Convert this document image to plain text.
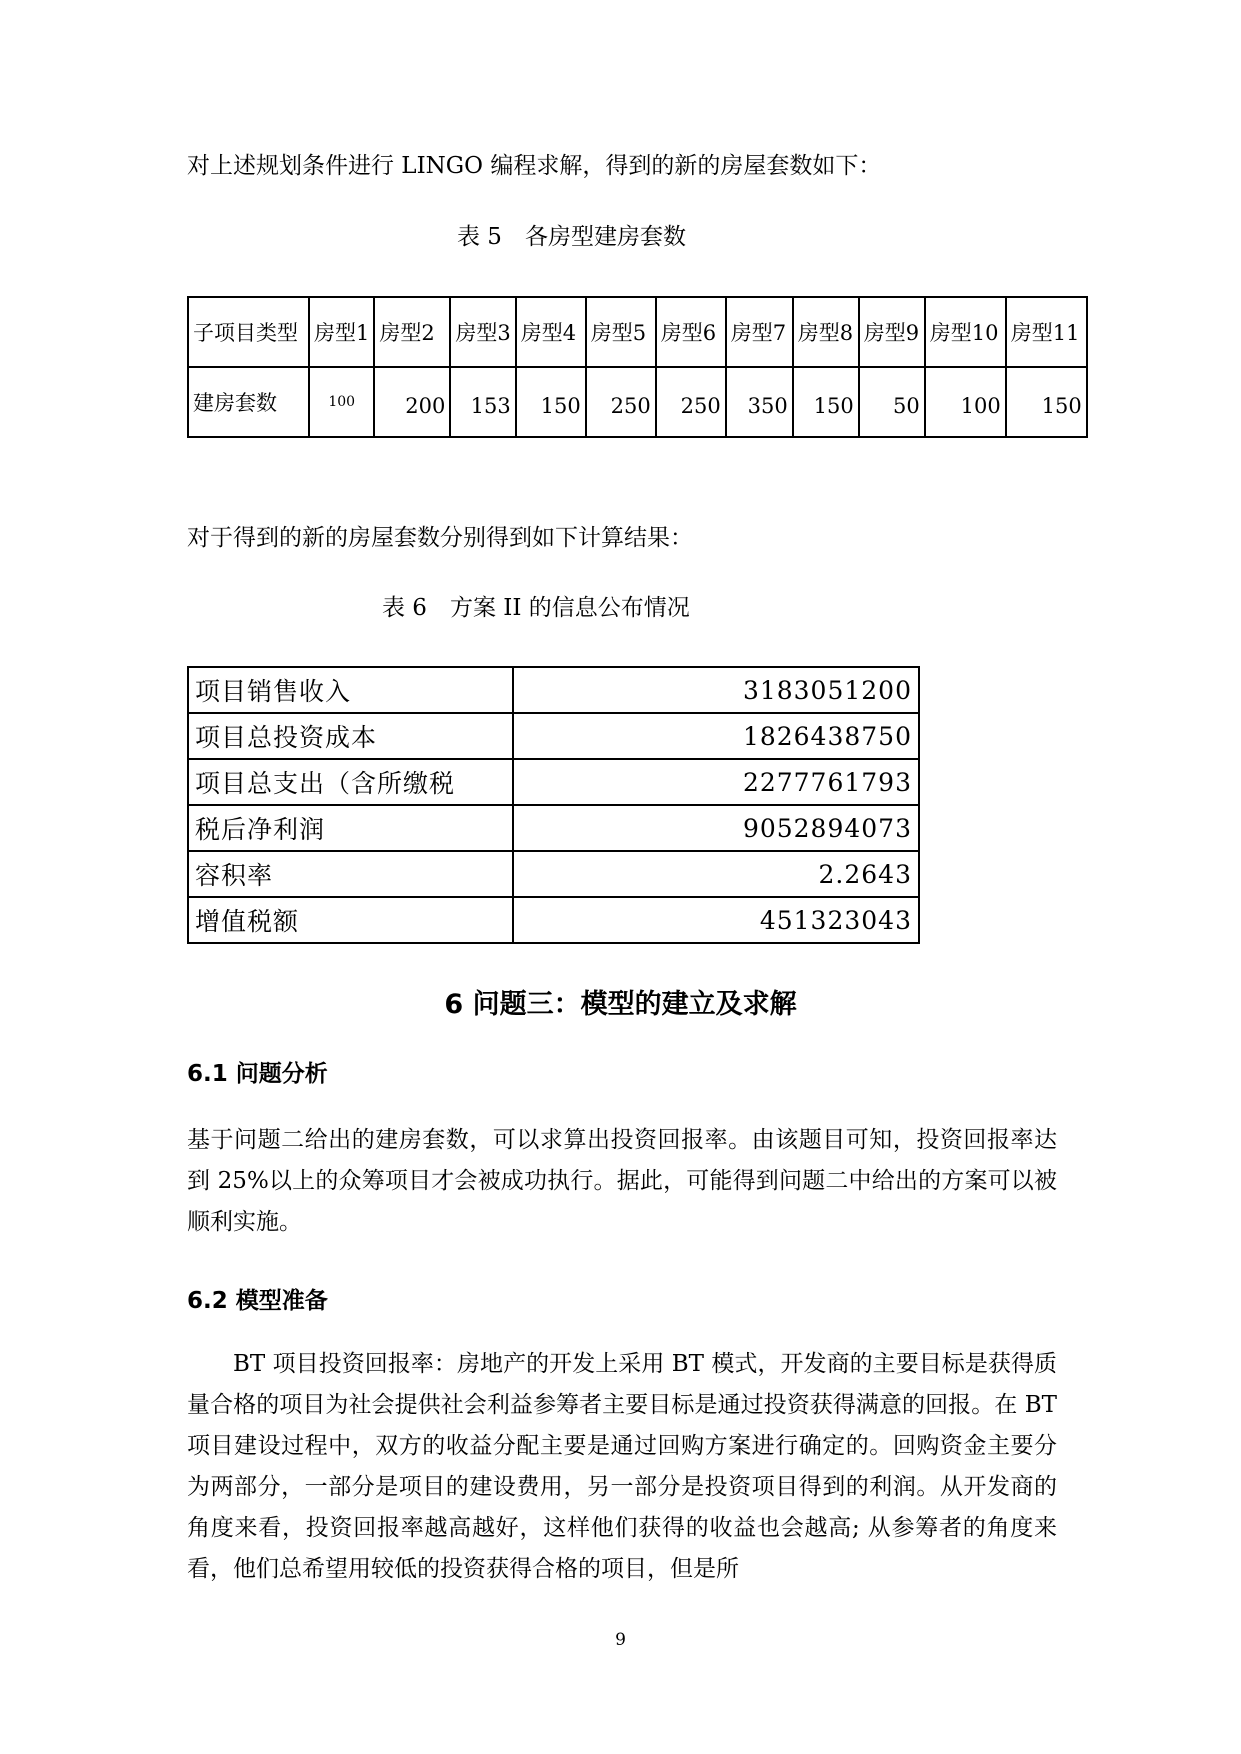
对上述规划条件进行 LINGO 编程求解，得到的新的房屋套数如下：

表 5　各房型建房套数

子项目类型	房型1	房型2	房型3	房型4	房型5	房型6	房型7	房型8	房型9	房型10	房型11
建房套数	100	200	153	150	250	250	350	150	50	100	150

对于得到的新的房屋套数分别得到如下计算结果：

表 6　方案 II 的信息公布情况

项目销售收入	3183051200
项目总投资成本	1826438750
项目总支出（含所缴税	2277761793
税后净利润	9052894073
容积率	2.2643
增值税额	451323043
6 问题三：模型的建立及求解
6.1 问题分析

基于问题二给出的建房套数，可以求算出投资回报率。由该题目可知，投资回报率达到 25%以上的众筹项目才会被成功执行。据此，可能得到问题二中给出的方案可以被顺利实施。

6.2 模型准备

BT 项目投资回报率：房地产的开发上采用 BT 模式，开发商的主要目标是获得质量合格的项目为社会提供社会利益参筹者主要目标是通过投资获得满意的回报。在 BT 项目建设过程中，双方的收益分配主要是通过回购方案进行确定的。回购资金主要分为两部分，一部分是项目的建设费用，另一部分是投资项目得到的利润。从开发商的角度来看，投资回报率越高越好，这样他们获得的收益也会越高; 从参筹者的角度来看，他们总希望用较低的投资获得合格的项目，但是所

9
